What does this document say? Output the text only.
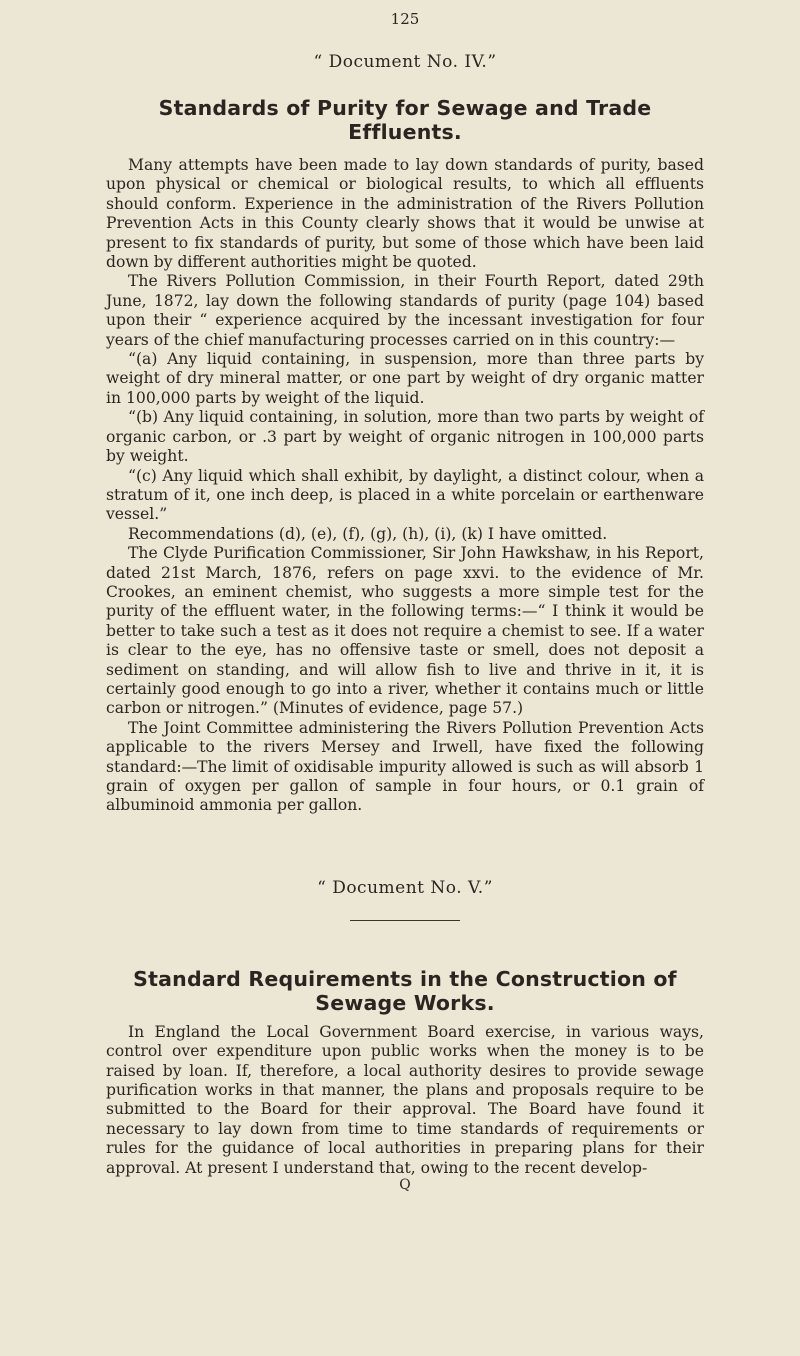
125
“ Document No. IV.”
Standards of Purity for Sewage and Trade Effluents.

Many attempts have been made to lay down standards of purity, based upon physical or chemical or biological results, to which all effluents should conform. Experience in the administration of the Rivers Pollution Prevention Acts in this County clearly shows that it would be unwise at present to fix standards of purity, but some of those which have been laid down by different authorities might be quoted.

The Rivers Pollution Commission, in their Fourth Report, dated 29th June, 1872, lay down the following standards of purity (page 104) based upon their “ experience acquired by the incessant investigation for four years of the chief manufacturing processes carried on in this country:—

“(a) Any liquid containing, in suspension, more than three parts by weight of dry mineral matter, or one part by weight of dry organic matter in 100,000 parts by weight of the liquid.

“(b) Any liquid containing, in solution, more than two parts by weight of organic carbon, or .3 part by weight of organic nitrogen in 100,000 parts by weight.

“(c) Any liquid which shall exhibit, by daylight, a distinct colour, when a stratum of it, one inch deep, is placed in a white porcelain or earthenware vessel.”

Recommendations (d), (e), (f), (g), (h), (i), (k) I have omitted.

The Clyde Purification Commissioner, Sir John Hawkshaw, in his Report, dated 21st March, 1876, refers on page xxvi. to the evidence of Mr. Crookes, an eminent chemist, who suggests a more simple test for the purity of the effluent water, in the following terms:—“ I think it would be better to take such a test as it does not require a chemist to see. If a water is clear to the eye, has no offensive taste or smell, does not deposit a sediment on standing, and will allow fish to live and thrive in it, it is certainly good enough to go into a river, whether it contains much or little carbon or nitrogen.” (Minutes of evidence, page 57.)

The Joint Committee administering the Rivers Pollution Prevention Acts applicable to the rivers Mersey and Irwell, have fixed the following standard:—The limit of oxidisable impurity allowed is such as will absorb 1 grain of oxygen per gallon of sample in four hours, or 0.1 grain of albuminoid ammonia per gallon.

“ Document No. V.”
Standard Requirements in the Construction of Sewage Works.

In England the Local Government Board exercise, in various ways, control over expenditure upon public works when the money is to be raised by loan. If, therefore, a local authority desires to provide sewage purification works in that manner, the plans and proposals require to be submitted to the Board for their approval. The Board have found it necessary to lay down from time to time standards of requirements or rules for the guidance of local authorities in preparing plans for their approval. At present I understand that, owing to the recent develop-

Q
